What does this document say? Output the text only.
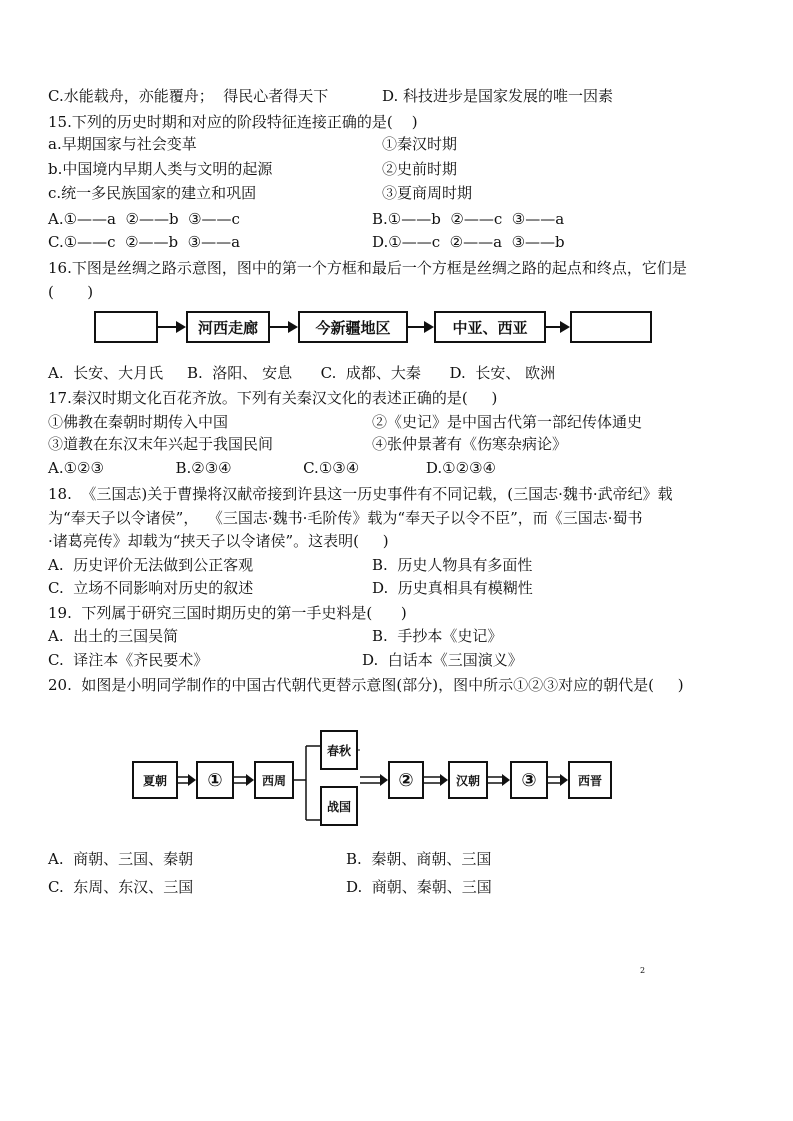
C.水能载舟，亦能覆舟；  得民心者得天下	D. 科技进步是国家发展的唯一因素
15.下列的历史时期和对应的阶段特征连接正确的是(    )
a.早期国家与社会变革	①秦汉时期
b.中国境内早期人类与文明的起源	②史前时期
c.统一多民族国家的建立和巩固	③夏商周时期
A.①——a  ②——b  ③——c	B.①——b  ②——c  ③——a
C.①——c  ②——b  ③——a	D.①——c  ②——a  ③——b
16.下图是丝绸之路示意图，图中的第一个方框和最后一个方框是丝绸之路的起点和终点，它们是
(       )
河西走廊	今新疆地区	中亚、西亚
A.  长安、大月氏     B.  洛阳、 安息      C.  成都、大秦      D.  长安、 欧洲
17.秦汉时期文化百花齐放。下列有关秦汉文化的表述正确的是(     )
①佛教在秦朝时期传入中国	②《史记》是中国古代第一部纪传体通史
③道教在东汉末年兴起于我国民间	④张仲景著有《伤寒杂病论》
A.①②③               B.②③④               C.①③④              D.①②③④
18.  《三国志)关于曹操将汉献帝接到许县这一历史事件有不同记载，(三国志·魏书·武帝纪》载
为“奉天子以令诸侯”，  《三国志·魏书·毛阶传》载为“奉天子以令不臣”，而《三国志·蜀书
·诸葛亮传》却载为“挟天子以令诸侯”。这表明(     )
A.  历史评价无法做到公正客观	B.  历史人物具有多面性
C.  立场不同影响对历史的叙述	D.  历史真相具有模糊性
19.  下列属于研究三国时期历史的第一手史料是(      )
A.  出土的三国吴简	B.  手抄本《史记》
C.  译注本《齐民要术》	D.  白话本《三国演义》
20.  如图是小明同学制作的中国古代朝代更替示意图(部分)，图中所示①②③对应的朝代是(     )
夏朝	①	西周
春秋
战国
②	汉朝	③	西晋
A.  商朝、三国、秦朝	B.  秦朝、商朝、三国
C.  东周、东汉、三国	D.  商朝、秦朝、三国
2
